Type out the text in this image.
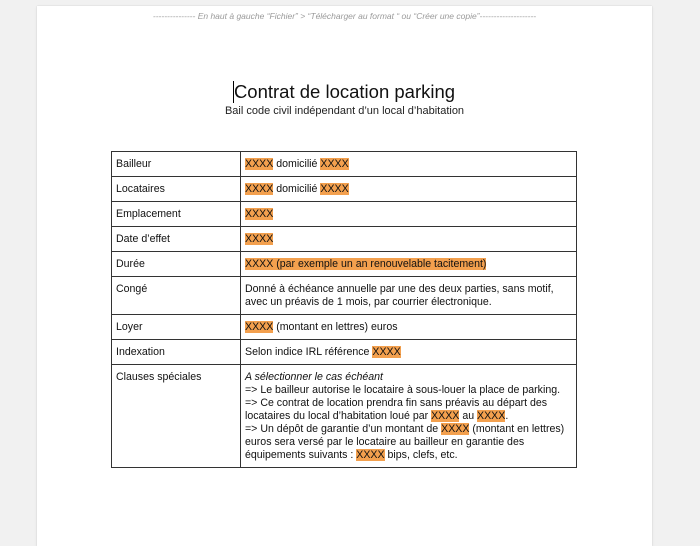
--------------- En haut à gauche “Fichier” > “Télécharger au format “ ou “Créer une copie”--------------------
Contrat de location parking
Bail code civil indépendant d’un local d’habitation
Bailleur	XXXX domicilié XXXX
Locataires	XXXX domicilié XXXX
Emplacement	XXXX
Date d’effet	XXXX
Durée	XXXX (par exemple un an renouvelable tacitement)
Congé	Donné à échéance annuelle par une des deux parties, sans motif, avec un préavis de 1 mois, par courrier électronique.
Loyer	XXXX (montant en lettres) euros
Indexation	Selon indice IRL référence XXXX
Clauses spéciales	A sélectionner le cas échéant
=> Le bailleur autorise le locataire à sous-louer la place de parking.
=> Ce contrat de location prendra fin sans préavis au départ des locataires du local d’habitation loué par XXXX au XXXX.
=> Un dépôt de garantie d’un montant de XXXX (montant en lettres) euros sera versé par le locataire au bailleur en garantie des équipements suivants : XXXX bips, clefs, etc.
